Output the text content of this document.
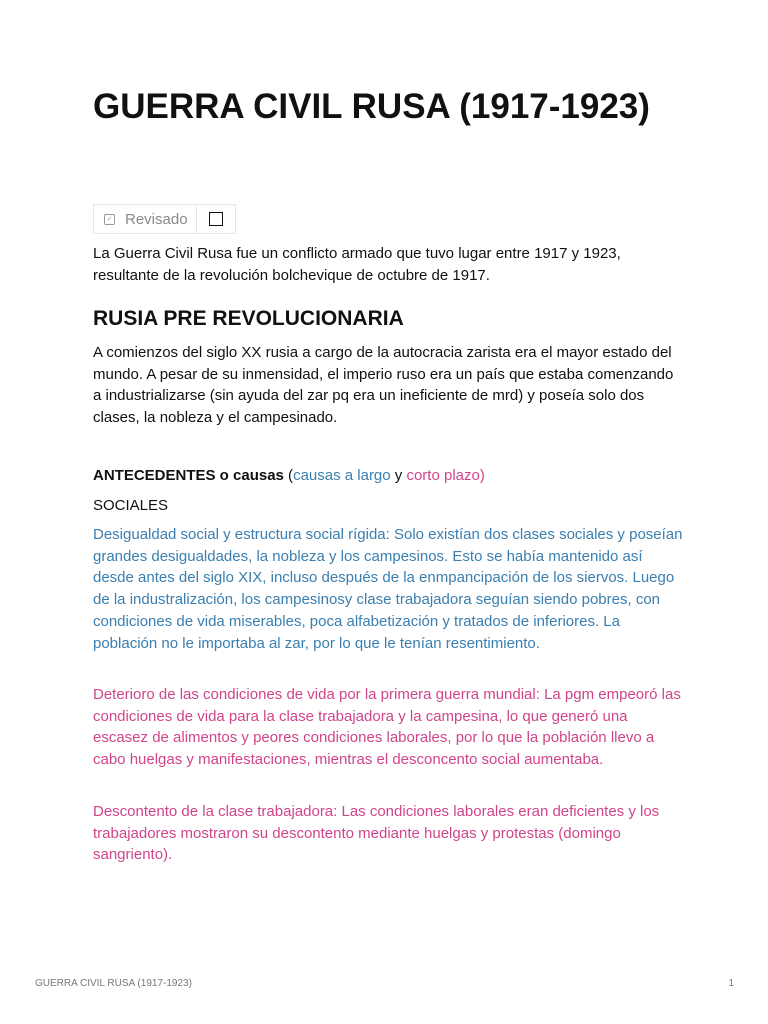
GUERRA CIVIL RUSA (1917-1923)
✓ Revisado

La Guerra Civil Rusa fue un conflicto armado que tuvo lugar entre 1917 y 1923, resultante de la revolución bolchevique de octubre de 1917.

RUSIA PRE REVOLUCIONARIA

A comienzos del siglo XX rusia a cargo de la autocracia zarista era el mayor estado del mundo. A pesar de su inmensidad, el imperio ruso era un país que estaba comenzando a industrializarse (sin ayuda del zar pq era un ineficiente de mrd) y poseía solo dos clases, la nobleza y el campesinado.

ANTECEDENTES o causas (causas a largo y corto plazo)

SOCIALES

Desigualdad social y estructura social rígida: Solo existían dos clases sociales y poseían grandes desigualdades, la nobleza y los campesinos. Esto se había mantenido así desde antes del siglo XIX, incluso después de la enmpancipación de los siervos. Luego de la industralización, los campesinosy clase trabajadora seguían siendo pobres, con condiciones de vida miserables, poca alfabetización y tratados de inferiores. La población no le importaba al zar, por lo que le tenían resentimiento.

Deterioro de las condiciones de vida por la primera guerra mundial: La pgm empeoró las condiciones de vida para la clase trabajadora y la campesina, lo que generó una escasez de alimentos y peores condiciones laborales, por lo que la población llevo a cabo huelgas y manifestaciones, mientras el desconcento social aumentaba.

Descontento de la clase trabajadora: Las condiciones laborales eran deficientes y los trabajadores mostraron su descontento mediante huelgas y protestas (domingo sangriento).

GUERRA CIVIL RUSA (1917-1923)	1
